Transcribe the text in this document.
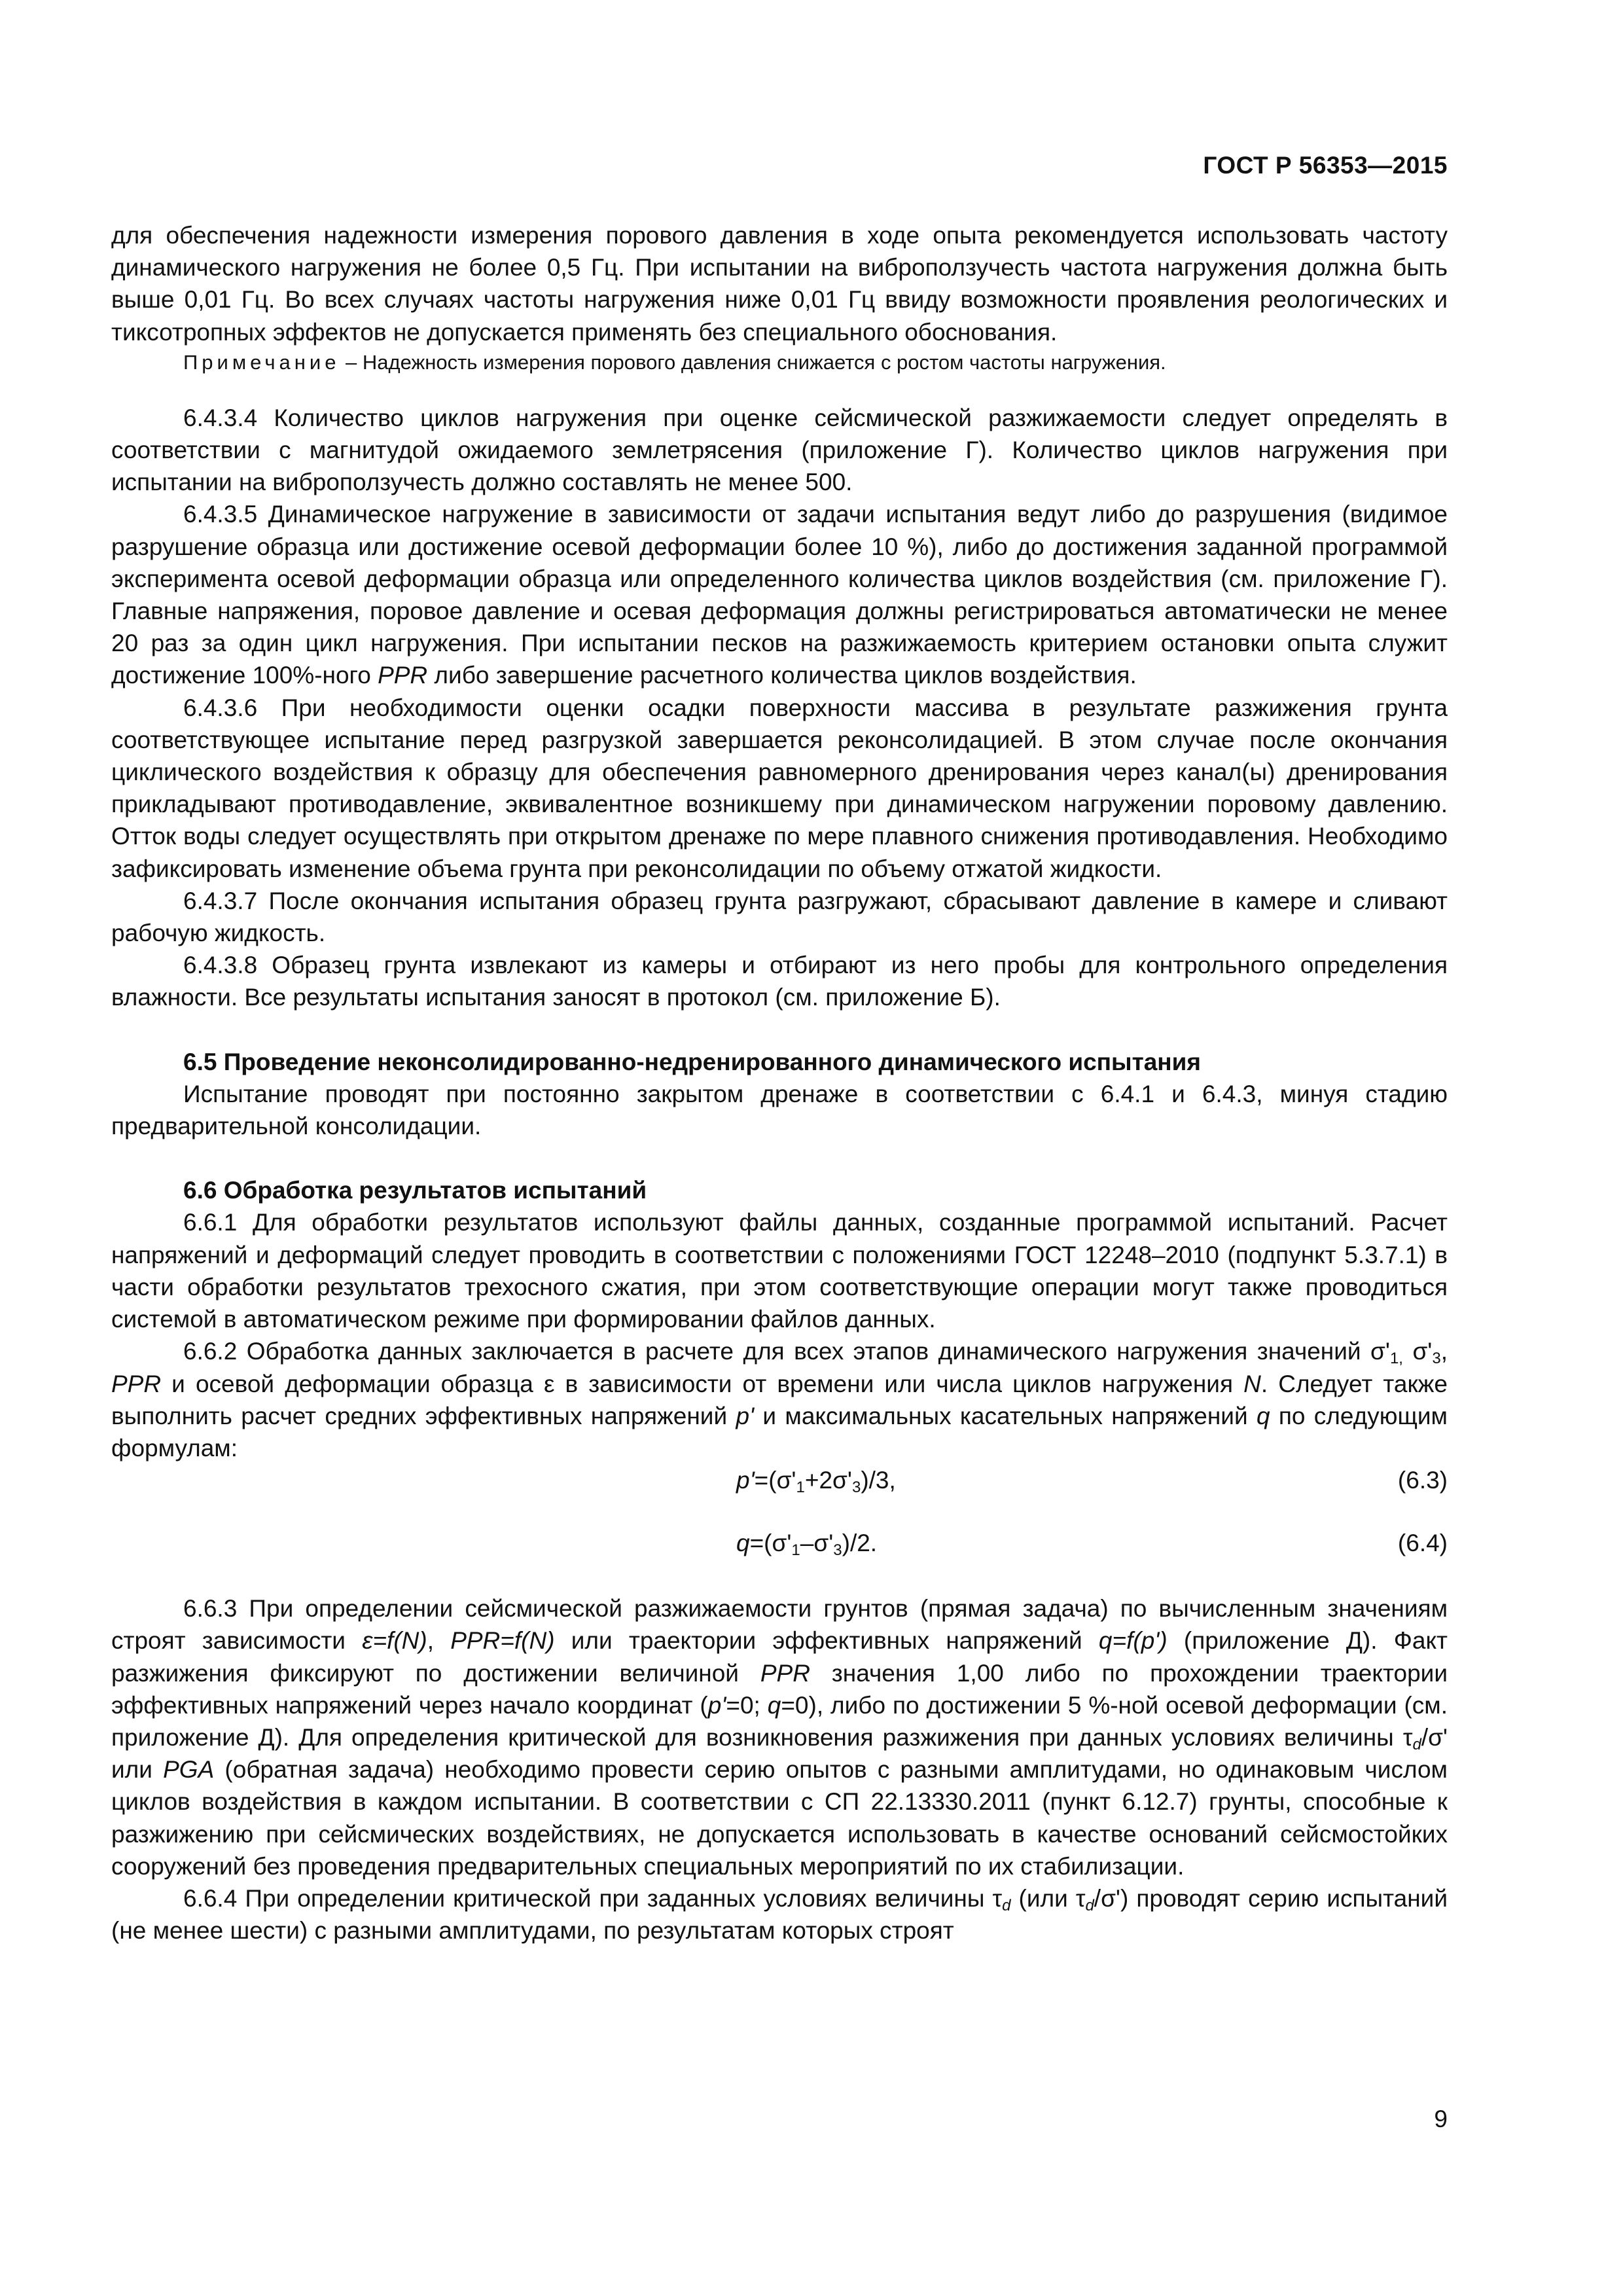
ГОСТ Р 56353—2015

для обеспечения надежности измерения порового давления в ходе опыта рекомендуется использовать частоту динамического нагружения не более 0,5 Гц. При испытании на виброползучесть частота нагружения должна быть выше 0,01 Гц. Во всех случаях частоты нагружения ниже 0,01 Гц ввиду возможности проявления реологических и тиксотропных эффектов не допускается применять без специального обоснования.

Примечание – Надежность измерения порового давления снижается с ростом частоты нагружения.

6.4.3.4 Количество циклов нагружения при оценке сейсмической разжижаемости следует определять в соответствии с магнитудой ожидаемого землетрясения (приложение Г). Количество циклов нагружения при испытании на виброползучесть должно составлять не менее 500.

6.4.3.5 Динамическое нагружение в зависимости от задачи испытания ведут либо до разрушения (видимое разрушение образца или достижение осевой деформации более 10 %), либо до достижения заданной программой эксперимента осевой деформации образца или определенного количества циклов воздействия (см. приложение Г). Главные напряжения, поровое давление и осевая деформация должны регистрироваться автоматически не менее 20 раз за один цикл нагружения. При испытании песков на разжижаемость критерием остановки опыта служит достижение 100%-ного PPR либо завершение расчетного количества циклов воздействия.

6.4.3.6 При необходимости оценки осадки поверхности массива в результате разжижения грунта соответствующее испытание перед разгрузкой завершается реконсолидацией. В этом случае после окончания циклического воздействия к образцу для обеспечения равномерного дренирования через канал(ы) дренирования прикладывают противодавление, эквивалентное возникшему при динамическом нагружении поровому давлению. Отток воды следует осуществлять при открытом дренаже по мере плавного снижения противодавления. Необходимо зафиксировать изменение объема грунта при реконсолидации по объему отжатой жидкости.

6.4.3.7 После окончания испытания образец грунта разгружают, сбрасывают давление в камере и сливают рабочую жидкость.

6.4.3.8 Образец грунта извлекают из камеры и отбирают из него пробы для контрольного определения влажности. Все результаты испытания заносят в протокол (см. приложение Б).

6.5 Проведение неконсолидированно-недренированного динамического испытания

Испытание проводят при постоянно закрытом дренаже в соответствии с 6.4.1 и 6.4.3, минуя стадию предварительной консолидации.

6.6 Обработка результатов испытаний

6.6.1 Для обработки результатов используют файлы данных, созданные программой испытаний. Расчет напряжений и деформаций следует проводить в соответствии с положениями ГОСТ 12248–2010 (подпункт 5.3.7.1) в части обработки результатов трехосного сжатия, при этом соответствующие операции могут также проводиться системой в автоматическом режиме при формировании файлов данных.

6.6.2 Обработка данных заключается в расчете для всех этапов динамического нагружения значений $\sigma'_{1,}$ $\sigma'_3$, PPR и осевой деформации образца ε в зависимости от времени или числа циклов нагружения N. Следует также выполнить расчет средних эффективных напряжений p' и максимальных касательных напряжений q по следующим формулам:

$p'=(\sigma'_1+2\sigma'_3)/3$,	(6.3)
$q=(\sigma'_1-\sigma'_3)/2$.	(6.4)

6.6.3 При определении сейсмической разжижаемости грунтов (прямая задача) по вычисленным значениям строят зависимости ε=f(N), PPR=f(N) или траектории эффективных напряжений q=f(p') (приложение Д). Факт разжижения фиксируют по достижении величиной PPR значения 1,00 либо по прохождении траектории эффективных напряжений через начало координат (p'=0; q=0), либо по достижении 5 %-ной осевой деформации (см. приложение Д). Для определения критической для возникновения разжижения при данных условиях величины $\tau_d/\sigma'$ или PGA (обратная задача) необходимо провести серию опытов с разными амплитудами, но одинаковым числом циклов воздействия в каждом испытании. В соответствии с СП 22.13330.2011 (пункт 6.12.7) грунты, способные к разжижению при сейсмических воздействиях, не допускается использовать в качестве оснований сейсмостойких сооружений без проведения предварительных специальных мероприятий по их стабилизации.

6.6.4 При определении критической при заданных условиях величины $\tau_d$ (или $\tau_d/\sigma'$) проводят серию испытаний (не менее шести) с разными амплитудами, по результатам которых строят

9
